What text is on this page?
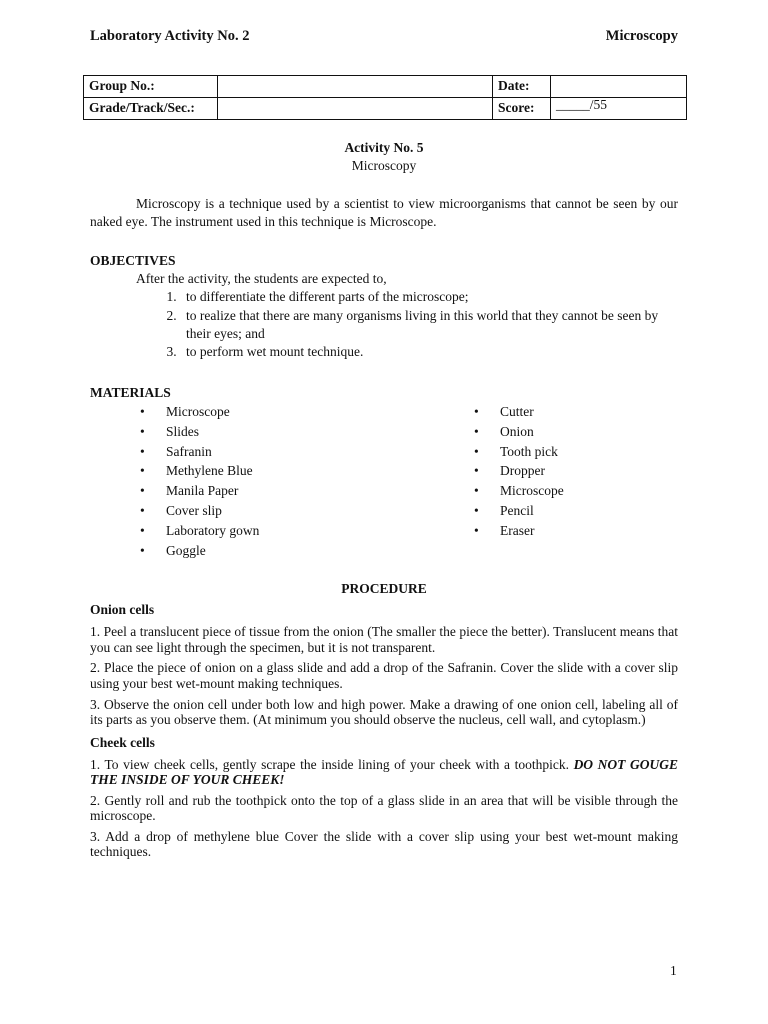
Laboratory Activity No. 2	Microscopy
Group No.:		Date:	
Grade/Track/Sec.:		Score:	_____/55
Activity No. 5
Microscopy
Microscopy is a technique used by a scientist to view microorganisms that cannot be seen by our naked eye. The instrument used in this technique is Microscope.
OBJECTIVES
After the activity, the students are expected to,
1. to differentiate the different parts of the microscope;
2. to realize that there are many organisms living in this world that they cannot be seen by their eyes; and
3. to perform wet mount technique.
MATERIALS
• Microscope
• Slides
• Safranin
• Methylene Blue
• Manila Paper
• Cover slip
• Laboratory gown
• Goggle
• Cutter
• Onion
• Tooth pick
• Dropper
• Microscope
• Pencil
• Eraser
PROCEDURE
Onion cells
1. Peel a translucent piece of tissue from the onion (The smaller the piece the better). Translucent means that you can see light through the specimen, but it is not transparent.
2. Place the piece of onion on a glass slide and add a drop of the Safranin. Cover the slide with a cover slip using your best wet-mount making techniques.
3. Observe the onion cell under both low and high power. Make a drawing of one onion cell, labeling all of its parts as you observe them. (At minimum you should observe the nucleus, cell wall, and cytoplasm.)
Cheek cells
1. To view cheek cells, gently scrape the inside lining of your cheek with a toothpick. DO NOT GOUGE THE INSIDE OF YOUR CHEEK!
2. Gently roll and rub the toothpick onto the top of a glass slide in an area that will be visible through the microscope.
3. Add a drop of methylene blue Cover the slide with a cover slip using your best wet-mount making techniques.
1
